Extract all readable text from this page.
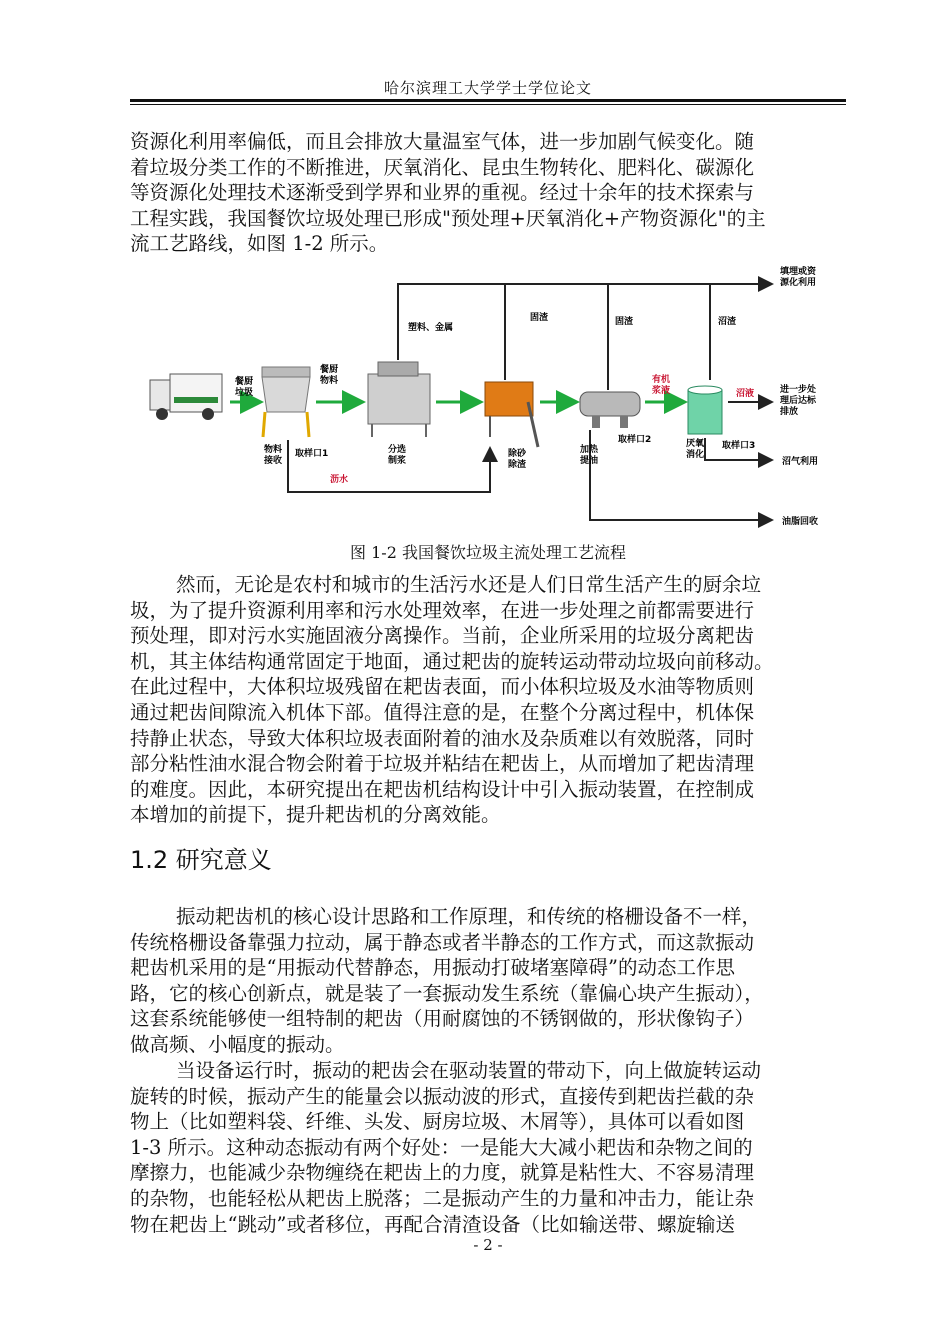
哈尔滨理工大学学士学位论文
资源化利用率偏低，而且会排放大量温室气体，进一步加剧气候变化。随
着垃圾分类工作的不断推进，厌氧消化、昆虫生物转化、肥料化、碳源化
等资源化处理技术逐渐受到学界和业界的重视。经过十余年的技术探索与
工程实践，我国餐饮垃圾处理已形成"预处理+厌氧消化+产物资源化"的主
流工艺路线，如图 1-2 所示。
餐厨垃圾
餐厨物料
塑料、金属
固渣	固渣	沼渣
填埋或资源化利用
有机浆液	沼液	进一步处理后达标排放
取样口1
取样口2
取样口3
物料接收
分选制浆
除砂除渣
加热提油
厌氧消化
沥水
沼气利用
油脂回收
图 1-2 我国餐饮垃圾主流处理工艺流程
然而，无论是农村和城市的生活污水还是人们日常生活产生的厨余垃
圾，为了提升资源利用率和污水处理效率，在进一步处理之前都需要进行
预处理，即对污水实施固液分离操作。当前，企业所采用的垃圾分离耙齿
机，其主体结构通常固定于地面，通过耙齿的旋转运动带动垃圾向前移动。
在此过程中，大体积垃圾残留在耙齿表面，而小体积垃圾及水油等物质则
通过耙齿间隙流入机体下部。值得注意的是，在整个分离过程中，机体保
持静止状态，导致大体积垃圾表面附着的油水及杂质难以有效脱落，同时
部分粘性油水混合物会附着于垃圾并粘结在耙齿上，从而增加了耙齿清理
的难度。因此，本研究提出在耙齿机结构设计中引入振动装置，在控制成
本增加的前提下，提升耙齿机的分离效能。
1.2 研究意义
振动耙齿机的核心设计思路和工作原理，和传统的格栅设备不一样，
传统格栅设备靠强力拉动，属于静态或者半静态的工作方式，而这款振动
耙齿机采用的是“用振动代替静态，用振动打破堵塞障碍”的动态工作思
路，它的核心创新点，就是装了一套振动发生系统（靠偏心块产生振动），
这套系统能够使一组特制的耙齿（用耐腐蚀的不锈钢做的，形状像钩子）
做高频、小幅度的振动。
当设备运行时，振动的耙齿会在驱动装置的带动下，向上做旋转运动
旋转的时候，振动产生的能量会以振动波的形式，直接传到耙齿拦截的杂
物上（比如塑料袋、纤维、头发、厨房垃圾、木屑等），具体可以看如图
1-3 所示。这种动态振动有两个好处：一是能大大减小耙齿和杂物之间的
摩擦力，也能减少杂物缠绕在耙齿上的力度，就算是粘性大、不容易清理
的杂物，也能轻松从耙齿上脱落；二是振动产生的力量和冲击力，能让杂
物在耙齿上“跳动”或者移位，再配合清渣设备（比如输送带、螺旋输送
- 2 -
